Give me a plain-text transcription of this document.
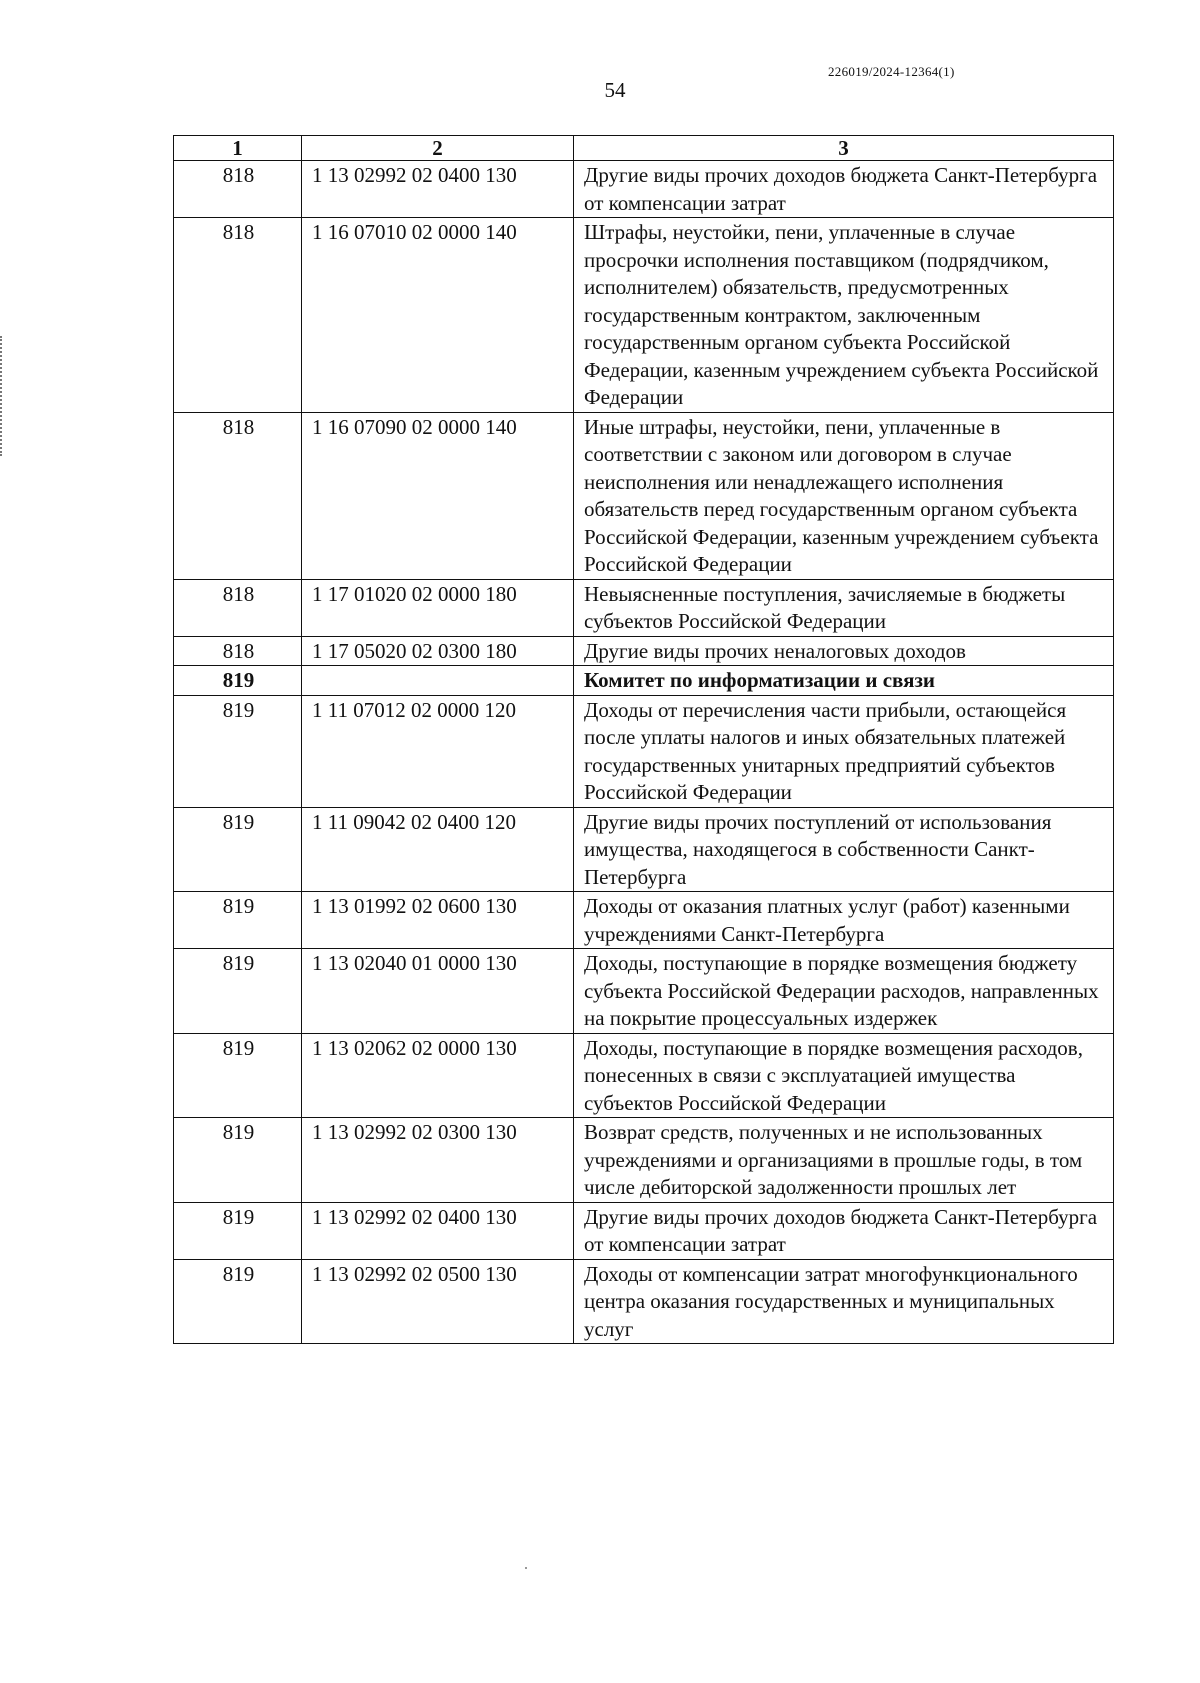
226019/2024-12364(1)
54
1	2	3
818	1 13 02992 02 0400 130	Другие виды прочих доходов бюджета Санкт-Петербурга от компенсации затрат
818	1 16 07010 02 0000 140	Штрафы, неустойки, пени, уплаченные в случае просрочки исполнения поставщиком (подрядчиком, исполнителем) обязательств, предусмотренных государственным контрактом, заключенным государственным органом субъекта Российской Федерации, казенным учреждением субъекта Российской Федерации
818	1 16 07090 02 0000 140	Иные штрафы, неустойки, пени, уплаченные в соответствии с законом или договором в случае неисполнения или ненадлежащего исполнения обязательств перед государственным органом субъекта Российской Федерации, казенным учреждением субъекта Российской Федерации
818	1 17 01020 02 0000 180	Невыясненные поступления, зачисляемые в бюджеты субъектов Российской Федерации
818	1 17 05020 02 0300 180	Другие виды прочих неналоговых доходов
819		Комитет по информатизации и связи
819	1 11 07012 02 0000 120	Доходы от перечисления части прибыли, остающейся после уплаты налогов и иных обязательных платежей государственных унитарных предприятий субъектов Российской Федерации
819	1 11 09042 02 0400 120	Другие виды прочих поступлений от использования имущества, находящегося в собственности Санкт-Петербурга
819	1 13 01992 02 0600 130	Доходы от оказания платных услуг (работ) казенными учреждениями Санкт-Петербурга
819	1 13 02040 01 0000 130	Доходы, поступающие в порядке возмещения бюджету субъекта Российской Федерации расходов, направленных на покрытие процессуальных издержек
819	1 13 02062 02 0000 130	Доходы, поступающие в порядке возмещения расходов, понесенных в связи с эксплуатацией имущества субъектов Российской Федерации
819	1 13 02992 02 0300 130	Возврат средств, полученных и не использованных учреждениями и организациями в прошлые годы, в том числе дебиторской задолженности прошлых лет
819	1 13 02992 02 0400 130	Другие виды прочих доходов бюджета Санкт-Петербурга от компенсации затрат
819	1 13 02992 02 0500 130	Доходы от компенсации затрат многофункционального центра оказания государственных и муниципальных услуг
